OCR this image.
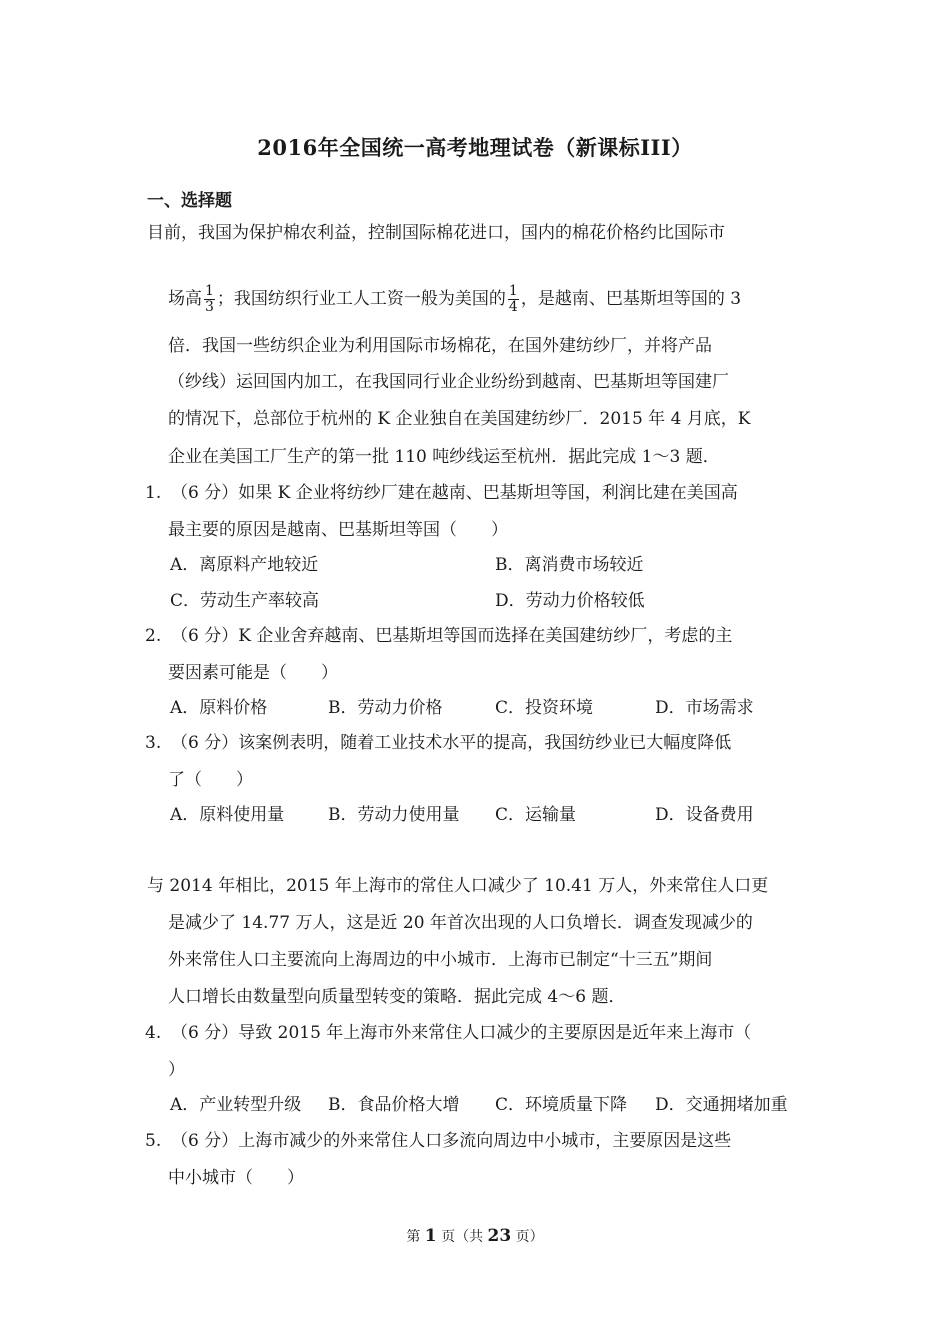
2016年全国统一高考地理试卷（新课标III）
一、选择题
目前，我国为保护棉农利益，控制国际棉花进口，国内的棉花价格约比国际市
场高 $\frac{1}{3}$ ；我国纺织行业工人工资一般为美国的 $\frac{1}{4}$ ，是越南、巴基斯坦等国的 3
倍．我国一些纺织企业为利用国际市场棉花，在国外建纺纱厂，并将产品
（纱线）运回国内加工，在我国同行业企业纷纷到越南、巴基斯坦等国建厂
的情况下，总部位于杭州的 K 企业独自在美国建纺纱厂．2015 年 4 月底，K
企业在美国工厂生产的第一批 110 吨纱线运至杭州．据此完成 1～3 题．
1. （6 分）如果 K 企业将纺纱厂建在越南、巴基斯坦等国，利润比建在美国高
最主要的原因是越南、巴基斯坦等国（　　）
A．离原料产地较近	B．离消费市场较近
C．劳动生产率较高	D．劳动力价格较低
2. （6 分）K 企业舍弃越南、巴基斯坦等国而选择在美国建纺纱厂，考虑的主
要因素可能是（　　）
A．原料价格	B．劳动力价格	C．投资环境	D．市场需求
3. （6 分）该案例表明，随着工业技术水平的提高，我国纺纱业已大幅度降低
了（　　）
A．原料使用量	B．劳动力使用量 C．运输量	D．设备费用
与 2014 年相比，2015 年上海市的常住人口减少了 10.41 万人，外来常住人口更
是减少了 14.77 万人，这是近 20 年首次出现的人口负增长．调查发现减少的
外来常住人口主要流向上海周边的中小城市．上海市已制定“十三五”期间
人口增长由数量型向质量型转变的策略．据此完成 4～6 题．
4. （6 分）导致 2015 年上海市外来常住人口减少的主要原因是近年来上海市（
）
A．产业转型升级 B．食品价格大增 C．环境质量下降 D．交通拥堵加重
5. （6 分）上海市减少的外来常住人口多流向周边中小城市，主要原因是这些
中小城市（　　）
第 1 页（共 23 页）
